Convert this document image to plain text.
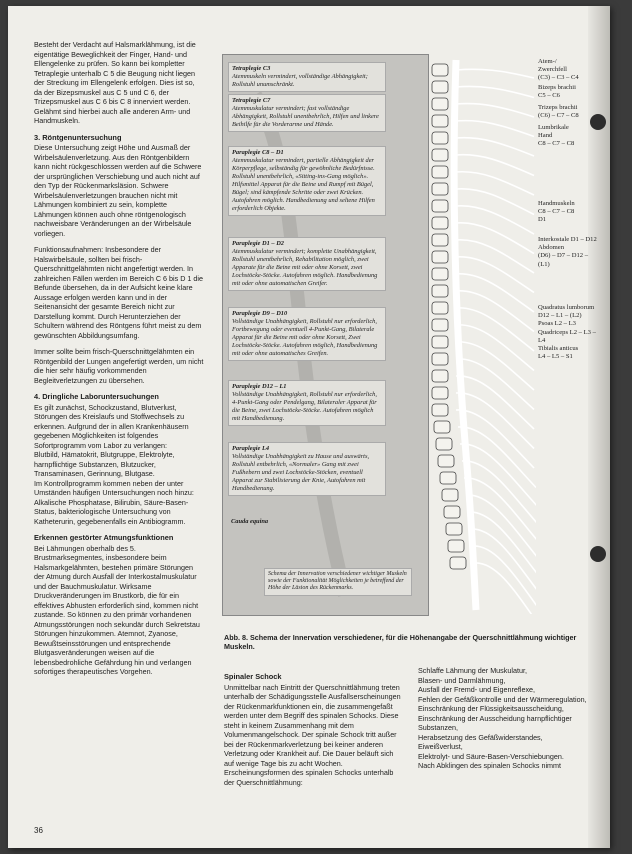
Besteht der Verdacht auf Halsmarklähmung, ist die eigentätige Beweglichkeit der Finger, Hand- und Ellengelenke zu prüfen. So kann bei kompletter Tetraplegie unterhalb C 5 die Beugung nicht liegen der Streckung im Ellengelenk erfolgen. Dies ist so, da der Bizepsmuskel aus C 5 und C 6, der Trizepsmuskel aus C 6 bis C 8 innerviert werden. Gelähmt sind hierbei auch alle anderen Arm- und Handmuskeln.

3. Röntgenuntersuchung

Diese Untersuchung zeigt Höhe und Ausmaß der Wirbelsäulenverletzung. Aus den Röntgenbildern kann nicht rückgeschlossen werden auf die Schwere der ursprünglichen Verschiebung und auch nicht auf den Typ der Rückenmarksläsion. Schwere Wirbelsäulenverletzungen brauchen nicht mit Lähmungen kombiniert zu sein, komplette Lähmungen können auch ohne röntgenologisch nachweisbare Veränderungen an der Wirbelsäule vorliegen.

Funktionsaufnahmen: Insbesondere der Halswirbelsäule, sollten bei frisch-Querschnittgelähmten nicht angefertigt werden. In zahlreichen Fällen werden im Bereich C 6 bis D 1 die Befunde übersehen, da in der Aufsicht keine klare Aussage erfolgen werden kann und in der Seitenansicht der gesamte Bereich nicht zur Darstellung kommt. Durch Herunterziehen der Schultern während des Röntgens führt meist zu dem gewünschten Abbildungsumfang.

Immer sollte beim frisch-Querschnittgelähmten ein Röntgenbild der Lungen angefertigt werden, um nicht die hier sehr häufig vorkommenden Begleitverletzungen zu übersehen.

4. Dringliche Laboruntersuchungen

Es gilt zunächst, Schockzustand, Blutverlust, Störungen des Kreislaufs und Stoffwechsels zu erkennen. Aufgrund der in allen Krankenhäusern gegebenen Möglichkeiten ist folgendes Sofortprogramm vom Labor zu verlangen:

Blutbild, Hämatokrit, Blutgruppe, Elektrolyte, harnpflichtige Substanzen, Blutzucker, Transaminasen, Gerinnung, Blutgase.

Im Kontrollprogramm kommen neben der unter Umständen häufigen Untersuchungen noch hinzu:

Alkalische Phosphatase, Bilirubin, Säure-Basen-Status, bakteriologische Untersuchung von Katheterurin, gegebenenfalls ein Antibiogramm.

Erkennen gestörter Atmungsfunktionen

Bei Lähmungen oberhalb des 5. Brustmarksegmentes, insbesondere beim Halsmarkgelähmten, bestehen primäre Störungen der Atmung durch Ausfall der Interkostalmuskulatur und der Bauchmuskulatur. Wirksame Druckveränderungen im Brustkorb, die für ein effektives Abhusten erforderlich sind, kommen nicht zustande. So können zu den primär vorhandenen Atmungsstörungen noch sekundär durch Sekretstau Störungen hinzukommen. Atemnot, Zyanose, Bewußtseinsstörungen und entsprechende Blutgasveränderungen weisen auf die lebensbedrohliche Gefährdung hin und verlangen sofortiges therapeutisches Vorgehen.

Tetraplegie C3
Atemmuskeln vermindert, vollständige Abhängigkeit; Rollstuhl unumschränkt.
Tetraplegie C7
Atemmuskulatur vermindert; fast vollständige Abhängigkeit, Rollstuhl unentbehrlich, Hilfen und linkere Beihilfe für die Vorderarme und Hände.
Paraplegie C8 – D1
Atemmuskulatur vermindert, partielle Abhängigkeit der Körperpflege, selbständig für gewöhnliche Bedürfnisse. Rollstuhl unentbehrlich, «Sitting-ins-Gang möglich». Hilfsmittel Apparat für die Beine und Rumpf mit Bügel, Bügel; sind kämpfende Schritte oder zwei Krücken. Autofahren möglich. Handbedienung und seltene Hilfen erforderlich Objekte.
Paraplegie D1 – D2
Atemmuskulatur vermindert; komplette Unabhängigkeit, Rollstuhl unentbehrlich, Rehabilitation möglich, zwei Apparate für die Beine mit oder ohne Korsett, zwei Lochstöcke-Stöcke. Autofahren möglich. Handbedienung mit oder ohne automatischen Greifer.
Paraplegie D9 – D10
Vollständige Unabhängigkeit, Rollstuhl nur erforderlich, Fortbewegung oder eventuell 4-Punkt-Gang, Bilaterale Apparat für die Beine mit oder ohne Korsett, Zwei Lochstöcke-Stöcke. Autofahren möglich, Handbedienung mit oder ohne automatisches Greifen.
Paraplegie D12 – L1
Vollständige Unabhängigkeit, Rollstuhl nur erforderlich, 4-Punkt-Gang oder Pendelgang, Bilateraler Apparat für die Beine, zwei Lochstöcke-Stöcke. Autofahren möglich mit Handbedienung.
Paraplegie L4
Vollständige Unabhängigkeit zu Hause und auswärts, Rollstuhl entbehrlich, «Normaler» Gang mit zwei Fußhebern und zwei Lochstöcke-Stöcken, eventuell Apparat zur Stabilisierung der Knie, Autofahren mit Handbedienung.
Cauda equina
Schema der Innervation verschiedener wichtiger Muskeln sowie der Funktionalität Möglichkeiten je betreffend der Höhe der Läsion des Rückenmarks.
Atem-/
Zwerchfell
(C3) – C3 – C4
Bizeps brachii
C5 – C6
Trizeps brachii
(C6) – C7 – C8
Lumbrikale
Hand
C8 – C7 – C8
Handmuskeln
C8 – C7 – C8
D1
Interkostale D1 – D12
Abdomen
(D6) – D7 – D12 – (L1)
Quadratus lumborum
D12 – L1 – (L2)
Psoas L2 – L3
Quadriceps L2 – L3 – L4
Tibialis anticus
L4 – L5 – S1
Abb. 8. Schema der Innervation verschiedener, für die Höhenangabe der Querschnittlähmung wichtiger Muskeln.
Spinaler Schock

Unmittelbar nach Eintritt der Querschnittlähmung treten unterhalb der Schädigungsstelle Ausfallserscheinungen der Rückenmarkfunktionen ein, die zusammengefaßt werden unter dem Begriff des spinalen Schocks. Diese steht in keinem Zusammenhang mit dem Volumenmangelschock. Der spinale Schock tritt außer bei der Rückenmarkverletzung bei keiner anderen Verletzung oder Krankheit auf. Die Dauer beläuft sich auf wenige Tage bis zu acht Wochen.

Erscheinungsformen des spinalen Schocks unterhalb der Querschnittlähmung:

Schlaffe Lähmung der Muskulatur,
Blasen- und Darmlähmung,
Ausfall der Fremd- und Eigenreflexe,
Fehlen der Gefäßkontrolle und der Wärmeregulation,
Einschränkung der Flüssigkeitsausscheidung,
Einschränkung der Ausscheidung harnpflichtiger Substanzen,
Herabsetzung des Gefäßwiderstandes,
Eiweißverlust,
Elektrolyt- und Säure-Basen-Verschiebungen.
Nach Abklingen des spinalen Schocks nimmt
36
